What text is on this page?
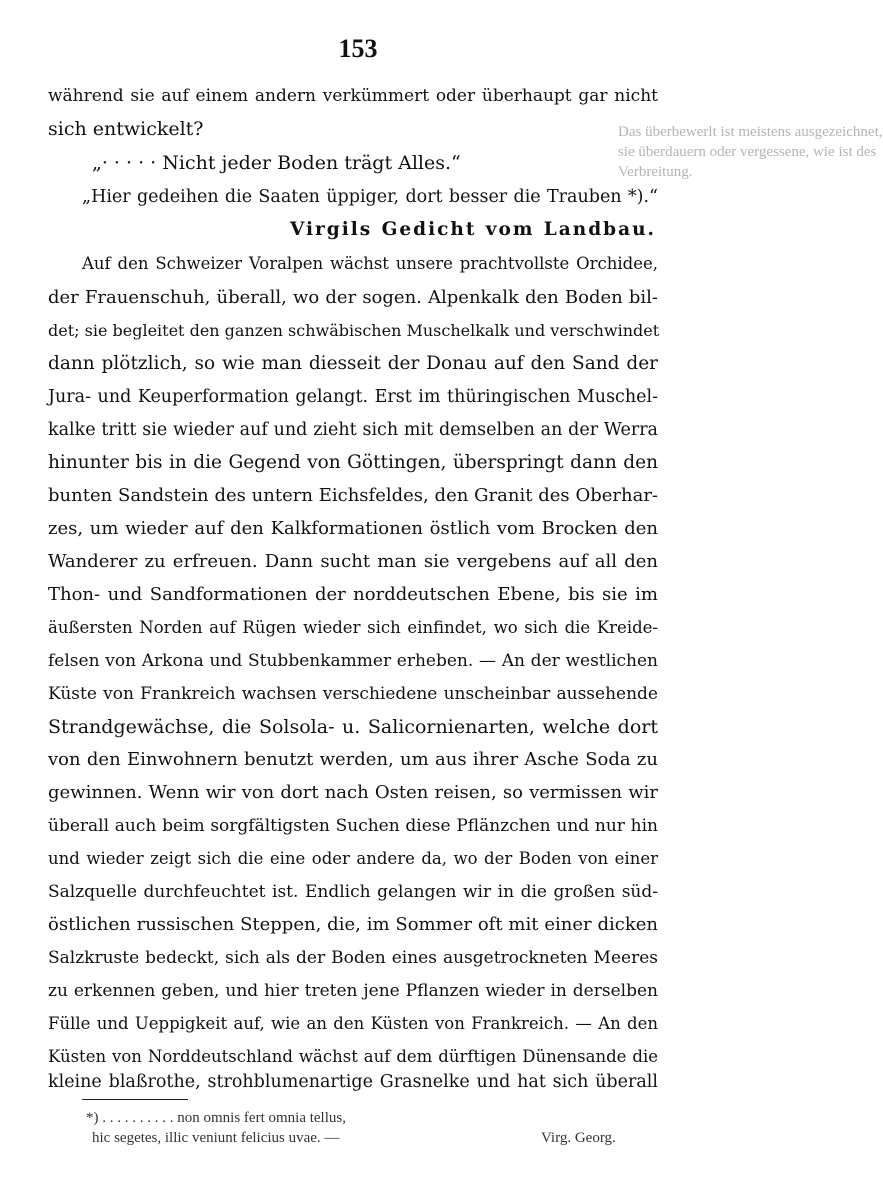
153
Das überbewerlt ist meistens ausgezeichnet,
sie überdauern oder vergessene, wie ist des
Verbreitung.
während sie auf einem andern verkümmert oder überhaupt gar nicht
sich entwickelt?
„· · · · · Nicht jeder Boden trägt Alles.“
„Hier gedeihen die Saaten üppiger, dort besser die Trauben *).“
Virgils Gedicht vom Landbau.
Auf den Schweizer Voralpen wächst unsere prachtvollste Orchidee,
der Frauenschuh, überall, wo der sogen. Alpenkalk den Boden bil-
det; sie begleitet den ganzen schwäbischen Muschelkalk und verschwindet
dann plötzlich, so wie man diesseit der Donau auf den Sand der
Jura- und Keuperformation gelangt. Erst im thüringischen Muschel-
kalke tritt sie wieder auf und zieht sich mit demselben an der Werra
hinunter bis in die Gegend von Göttingen, überspringt dann den
bunten Sandstein des untern Eichsfeldes, den Granit des Oberhar-
zes, um wieder auf den Kalkformationen östlich vom Brocken den
Wanderer zu erfreuen. Dann sucht man sie vergebens auf all den
Thon- und Sandformationen der norddeutschen Ebene, bis sie im
äußersten Norden auf Rügen wieder sich einfindet, wo sich die Kreide-
felsen von Arkona und Stubbenkammer erheben. — An der westlichen
Küste von Frankreich wachsen verschiedene unscheinbar aussehende
Strandgewächse, die Solsola- u. Salicornienarten, welche dort
von den Einwohnern benutzt werden, um aus ihrer Asche Soda zu
gewinnen. Wenn wir von dort nach Osten reisen, so vermissen wir
überall auch beim sorgfältigsten Suchen diese Pflänzchen und nur hin
und wieder zeigt sich die eine oder andere da, wo der Boden von einer
Salzquelle durchfeuchtet ist. Endlich gelangen wir in die großen süd-
östlichen russischen Steppen, die, im Sommer oft mit einer dicken
Salzkruste bedeckt, sich als der Boden eines ausgetrockneten Meeres
zu erkennen geben, und hier treten jene Pflanzen wieder in derselben
Fülle und Ueppigkeit auf, wie an den Küsten von Frankreich. — An den
Küsten von Norddeutschland wächst auf dem dürftigen Dünensande die
kleine blaßrothe, strohblumenartige Grasnelke und hat sich überall
*) . . . . . . . . . . non omnis fert omnia tellus,
hic segetes, illic veniunt felicius uvae. —	Virg. Georg.
